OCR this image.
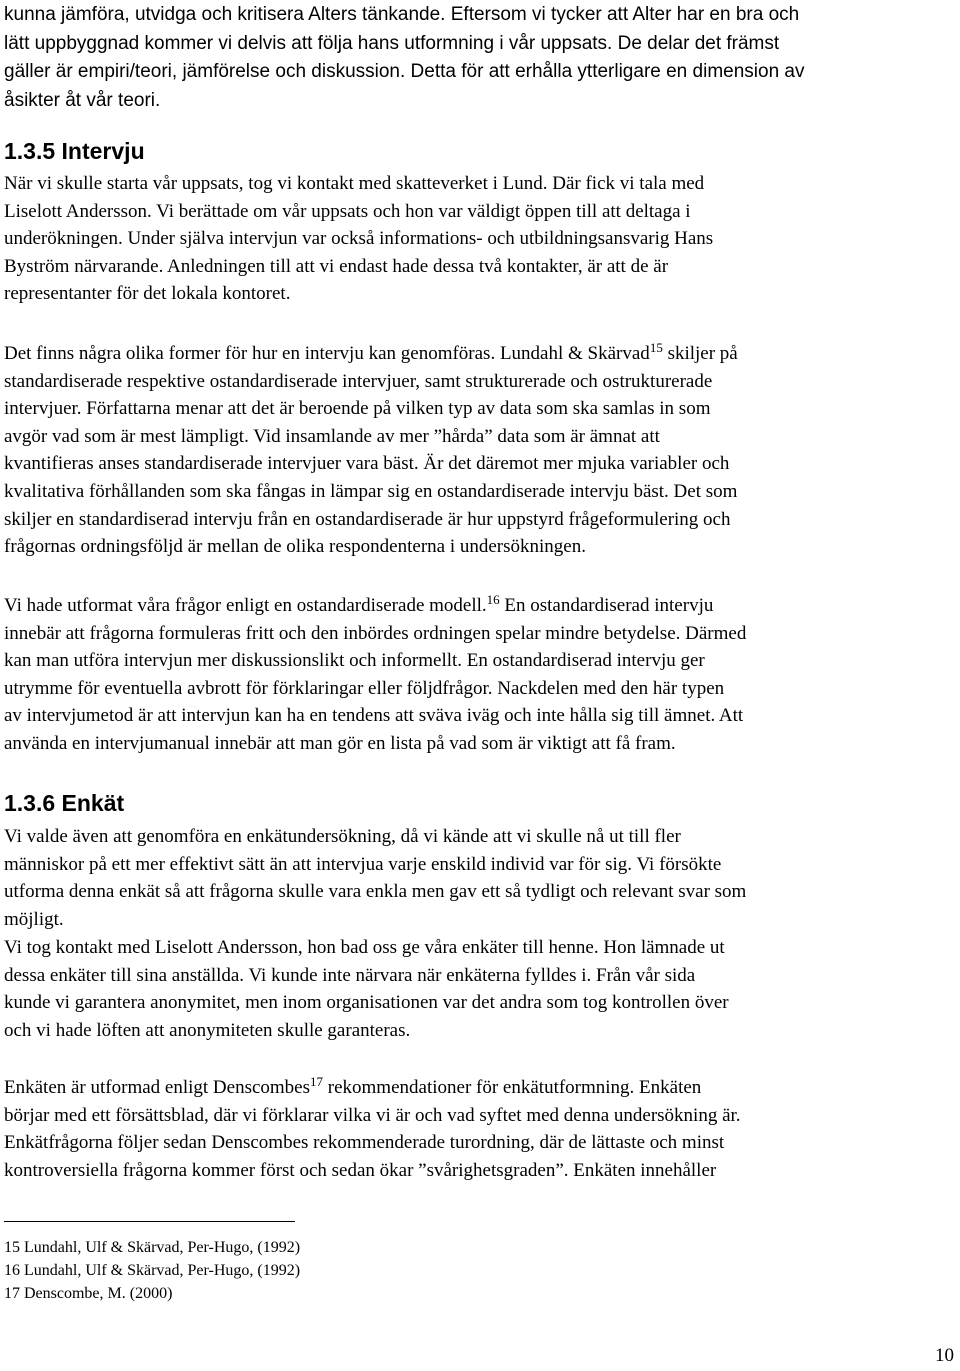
kunna jämföra, utvidga och kritisera Alters tänkande. Eftersom vi tycker att Alter har en bra och
lätt uppbyggnad kommer vi delvis att följa hans utformning i vår uppsats. De delar det främst
gäller är empiri/teori, jämförelse och diskussion. Detta för att erhålla ytterligare en dimension av
åsikter åt vår teori.

1.3.5 Intervju

När vi skulle starta vår uppsats, tog vi kontakt med skatteverket i Lund. Där fick vi tala med
Liselott Andersson. Vi berättade om vår uppsats och hon var väldigt öppen till att deltaga i
underökningen. Under själva intervjun var också informations- och utbildningsansvarig Hans
Byström närvarande. Anledningen till att vi endast hade dessa två kontakter, är att de är
representanter för det lokala kontoret.

Det finns några olika former för hur en intervju kan genomföras. Lundahl & Skärvad$^{15}$ skiljer på
standardiserade respektive ostandardiserade intervjuer, samt strukturerade och ostrukturerade
intervjuer. Författarna menar att det är beroende på vilken typ av data som ska samlas in som
avgör vad som är mest lämpligt. Vid insamlande av mer ”hårda” data som är ämnat att
kvantifieras anses standardiserade intervjuer vara bäst. Är det däremot mer mjuka variabler och
kvalitativa förhållanden som ska fångas in lämpar sig en ostandardiserade intervju bäst. Det som
skiljer en standardiserad intervju från en ostandardiserade är hur uppstyrd frågeformulering och
frågornas ordningsföljd är mellan de olika respondenterna i undersökningen.

Vi hade utformat våra frågor enligt en ostandardiserade modell.$^{16}$ En ostandardiserad intervju
innebär att frågorna formuleras fritt och den inbördes ordningen spelar mindre betydelse. Därmed
kan man utföra intervjun mer diskussionslikt och informellt. En ostandardiserad intervju ger
utrymme för eventuella avbrott för förklaringar eller följdfrågor. Nackdelen med den här typen
av intervjumetod är att intervjun kan ha en tendens att sväva iväg och inte hålla sig till ämnet. Att
använda en intervjumanual innebär att man gör en lista på vad som är viktigt att få fram.

1.3.6 Enkät

Vi valde även att genomföra en enkätundersökning, då vi kände att vi skulle nå ut till fler
människor på ett mer effektivt sätt än att intervjua varje enskild individ var för sig. Vi försökte
utforma denna enkät så att frågorna skulle vara enkla men gav ett så tydligt och relevant svar som
möjligt.

Vi tog kontakt med Liselott Andersson, hon bad oss ge våra enkäter till henne. Hon lämnade ut
dessa enkäter till sina anställda. Vi kunde inte närvara när enkäterna fylldes i. Från vår sida
kunde vi garantera anonymitet, men inom organisationen var det andra som tog kontrollen över
och vi hade löften att anonymiteten skulle garanteras.

Enkäten är utformad enligt Denscombes$^{17}$ rekommendationer för enkätutformning. Enkäten
börjar med ett försättsblad, där vi förklarar vilka vi är och vad syftet med denna undersökning är.
Enkätfrågorna följer sedan Denscombes rekommenderade turordning, där de lättaste och minst
kontroversiella frågorna kommer först och sedan ökar ”svårighetsgraden”. Enkäten innehåller

15 Lundahl, Ulf & Skärvad, Per-Hugo, (1992)

16 Lundahl, Ulf & Skärvad, Per-Hugo, (1992)

17 Denscombe, M. (2000)

10
